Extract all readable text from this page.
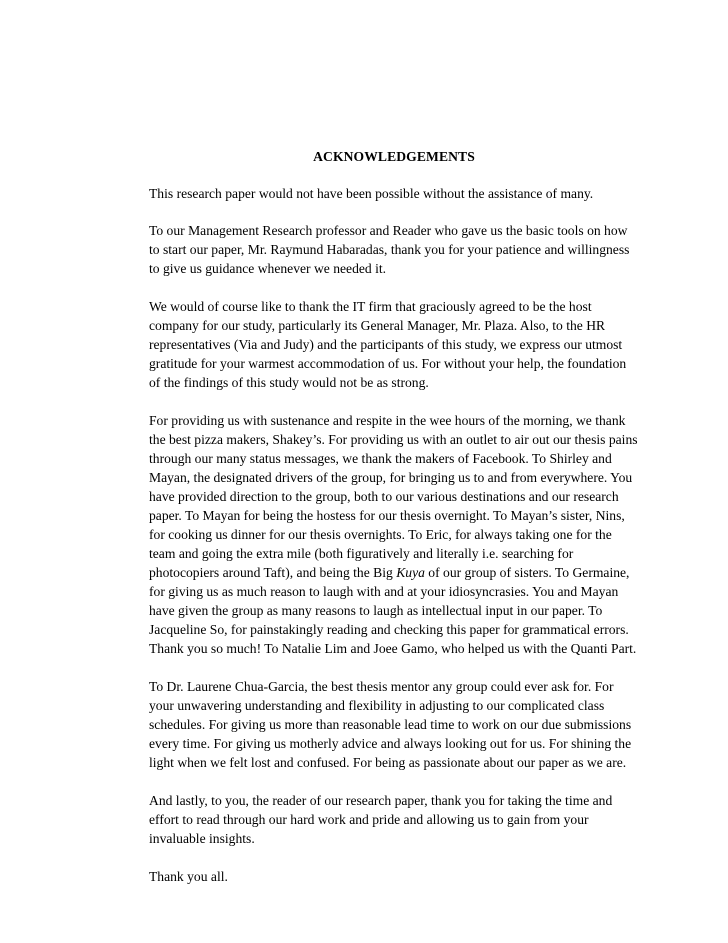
ACKNOWLEDGEMENTS

This research paper would not have been possible without the assistance of many.

To our Management Research professor and Reader who gave us the basic tools on how to start our paper, Mr. Raymund Habaradas, thank you for your patience and willingness to give us guidance whenever we needed it.

We would of course like to thank the IT firm that graciously agreed to be the host company for our study, particularly its General Manager, Mr. Plaza. Also, to the HR representatives (Via and Judy) and the participants of this study, we express our utmost gratitude for your warmest accommodation of us. For without your help, the foundation of the findings of this study would not be as strong.

For providing us with sustenance and respite in the wee hours of the morning, we thank the best pizza makers, Shakey’s. For providing us with an outlet to air out our thesis pains through our many status messages, we thank the makers of Facebook. To Shirley and Mayan, the designated drivers of the group, for bringing us to and from everywhere. You have provided direction to the group, both to our various destinations and our research paper. To Mayan for being the hostess for our thesis overnight. To Mayan’s sister, Nins, for cooking us dinner for our thesis overnights. To Eric, for always taking one for the team and going the extra mile (both figuratively and literally i.e. searching for photocopiers around Taft), and being the Big Kuya of our group of sisters. To Germaine, for giving us as much reason to laugh with and at your idiosyncrasies. You and Mayan have given the group as many reasons to laugh as intellectual input in our paper. To Jacqueline So, for painstakingly reading and checking this paper for grammatical errors. Thank you so much! To Natalie Lim and Joee Gamo, who helped us with the Quanti Part.

To Dr. Laurene Chua-Garcia, the best thesis mentor any group could ever ask for. For your unwavering understanding and flexibility in adjusting to our complicated class schedules. For giving us more than reasonable lead time to work on our due submissions every time. For giving us motherly advice and always looking out for us. For shining the light when we felt lost and confused. For being as passionate about our paper as we are.

And lastly, to you, the reader of our research paper, thank you for taking the time and effort to read through our hard work and pride and allowing us to gain from your invaluable insights.

Thank you all.
